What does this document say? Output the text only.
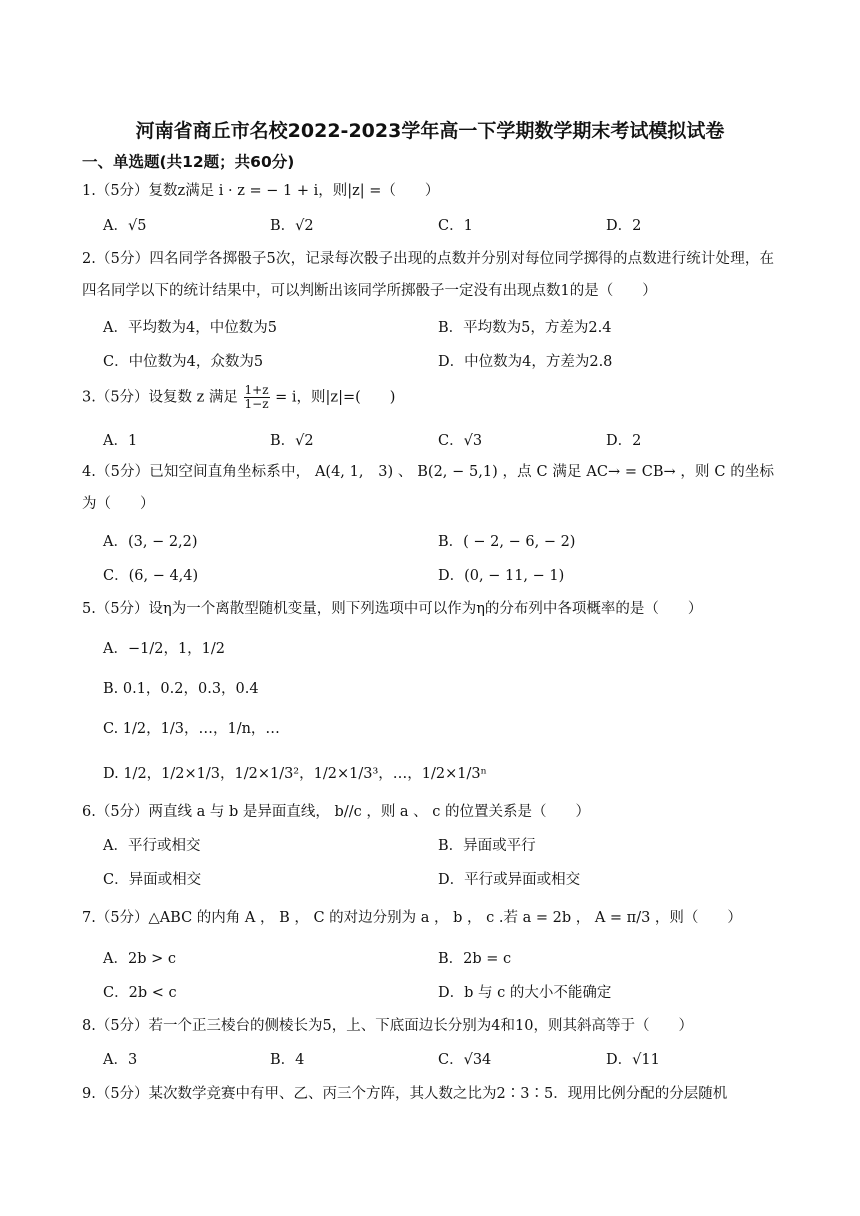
河南省商丘市名校2022-2023学年高一下学期数学期末考试模拟试卷
一、单选题(共12题；共60分)
1.（5分）复数z满足 i · z = − 1 + i，则|z| =（　　）
A．√5	B．√2	C．1	D．2
2.（5分）四名同学各掷骰子5次，记录每次骰子出现的点数并分别对每位同学掷得的点数进行统计处理，在四名同学以下的统计结果中，可以判断出该同学所掷骰子一定没有出现点数1的是（　　）
A．平均数为4，中位数为5	B．平均数为5，方差为2.4
C．中位数为4，众数为5	D．中位数为4，方差为2.8
3.（5分）设复数 z 满足 $\frac{1+z}{1-z} = i$，则|z|=(　　)
A．1	B．√2	C．√3	D．2
4.（5分）已知空间直角坐标系中， A(4, 1,　3) 、 B(2, − 5,1) ，点 C 满足 AC→ = CB→ ，则 C 的坐标为（　　）
A．(3, − 2,2)	B．( − 2, − 6, − 2)
C．(6, − 4,4)	D．(0, − 11, − 1)
5.（5分）设η为一个离散型随机变量，则下列选项中可以作为η的分布列中各项概率的是（　　）
A．−1/2，1，1/2
B. 0.1，0.2，0.3，0.4
C. 1/2，1/3，…，1/n，…
D. 1/2，1/2×1/3，1/2×1/3²，1/2×1/3³，…，1/2×1/3ⁿ
6.（5分）两直线 a 与 b 是异面直线， b//c ，则 a 、 c 的位置关系是（　　）
A．平行或相交	B．异面或平行
C．异面或相交	D．平行或异面或相交
7.（5分）△ABC 的内角 A ， B ， C 的对边分别为 a ， b ， c .若 a = 2b ， A = π/3 ，则（　　）
A．2b > c	B．2b = c
C．2b < c	D．b 与 c 的大小不能确定
8.（5分）若一个正三棱台的侧棱长为5，上、下底面边长分别为4和10，则其斜高等于（　　）
A．3	B．4	C．√34	D．√11
9.（5分）某次数学竞赛中有甲、乙、丙三个方阵，其人数之比为2∶3∶5．现用比例分配的分层随机
